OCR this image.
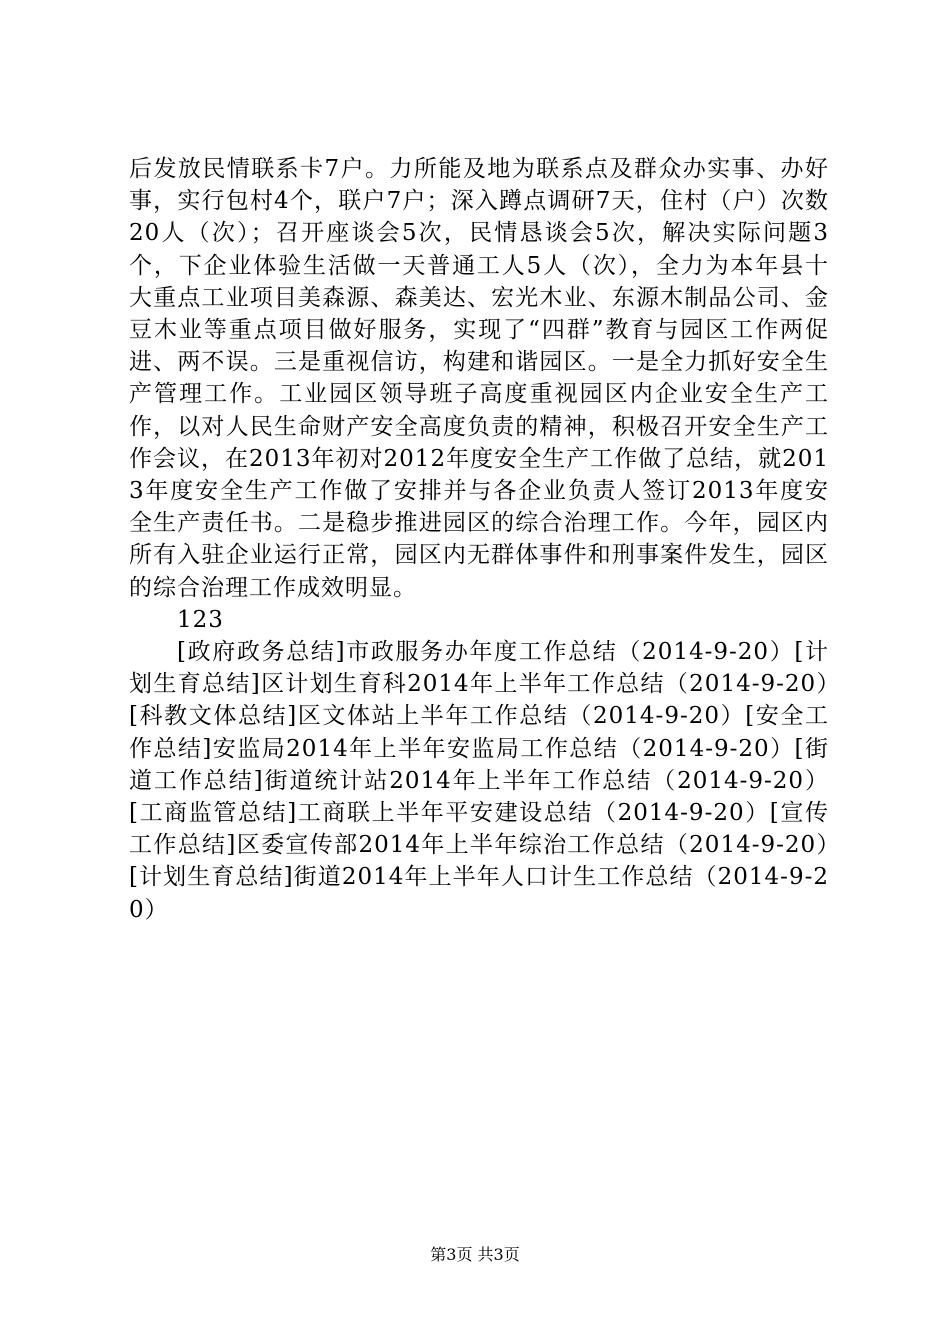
后发放民情联系卡7户。力所能及地为联系点及群众办实事、办好事，实行包村4个，联户7户；深入蹲点调研7天，住村（户）次数20人（次）；召开座谈会5次，民情恳谈会5次，解决实际问题3个，下企业体验生活做一天普通工人5人（次），全力为本年县十大重点工业项目美森源、森美达、宏光木业、东源木制品公司、金豆木业等重点项目做好服务，实现了“四群”教育与园区工作两促进、两不误。三是重视信访，构建和谐园区。一是全力抓好安全生产管理工作。工业园区领导班子高度重视园区内企业安全生产工作，以对人民生命财产安全高度负责的精神，积极召开安全生产工作会议，在2013年初对2012年度安全生产工作做了总结，就2013年度安全生产工作做了安排并与各企业负责人签订2013年度安全生产责任书。二是稳步推进园区的综合治理工作。今年，园区内所有入驻企业运行正常，园区内无群体事件和刑事案件发生，园区的综合治理工作成效明显。

123

[政府政务总结]市政服务办年度工作总结（2014-9-20）[计划生育总结]区计划生育科2014年上半年工作总结（2014-9-20）[科教文体总结]区文体站上半年工作总结（2014-9-20）[安全工作总结]安监局2014年上半年安监局工作总结（2014-9-20）[街道工作总结]街道统计站2014年上半年工作总结（2014-9-20）[工商监管总结]工商联上半年平安建设总结（2014-9-20）[宣传工作总结]区委宣传部2014年上半年综治工作总结（2014-9-20）[计划生育总结]街道2014年上半年人口计生工作总结（2014-9-20）

第3页 共3页
